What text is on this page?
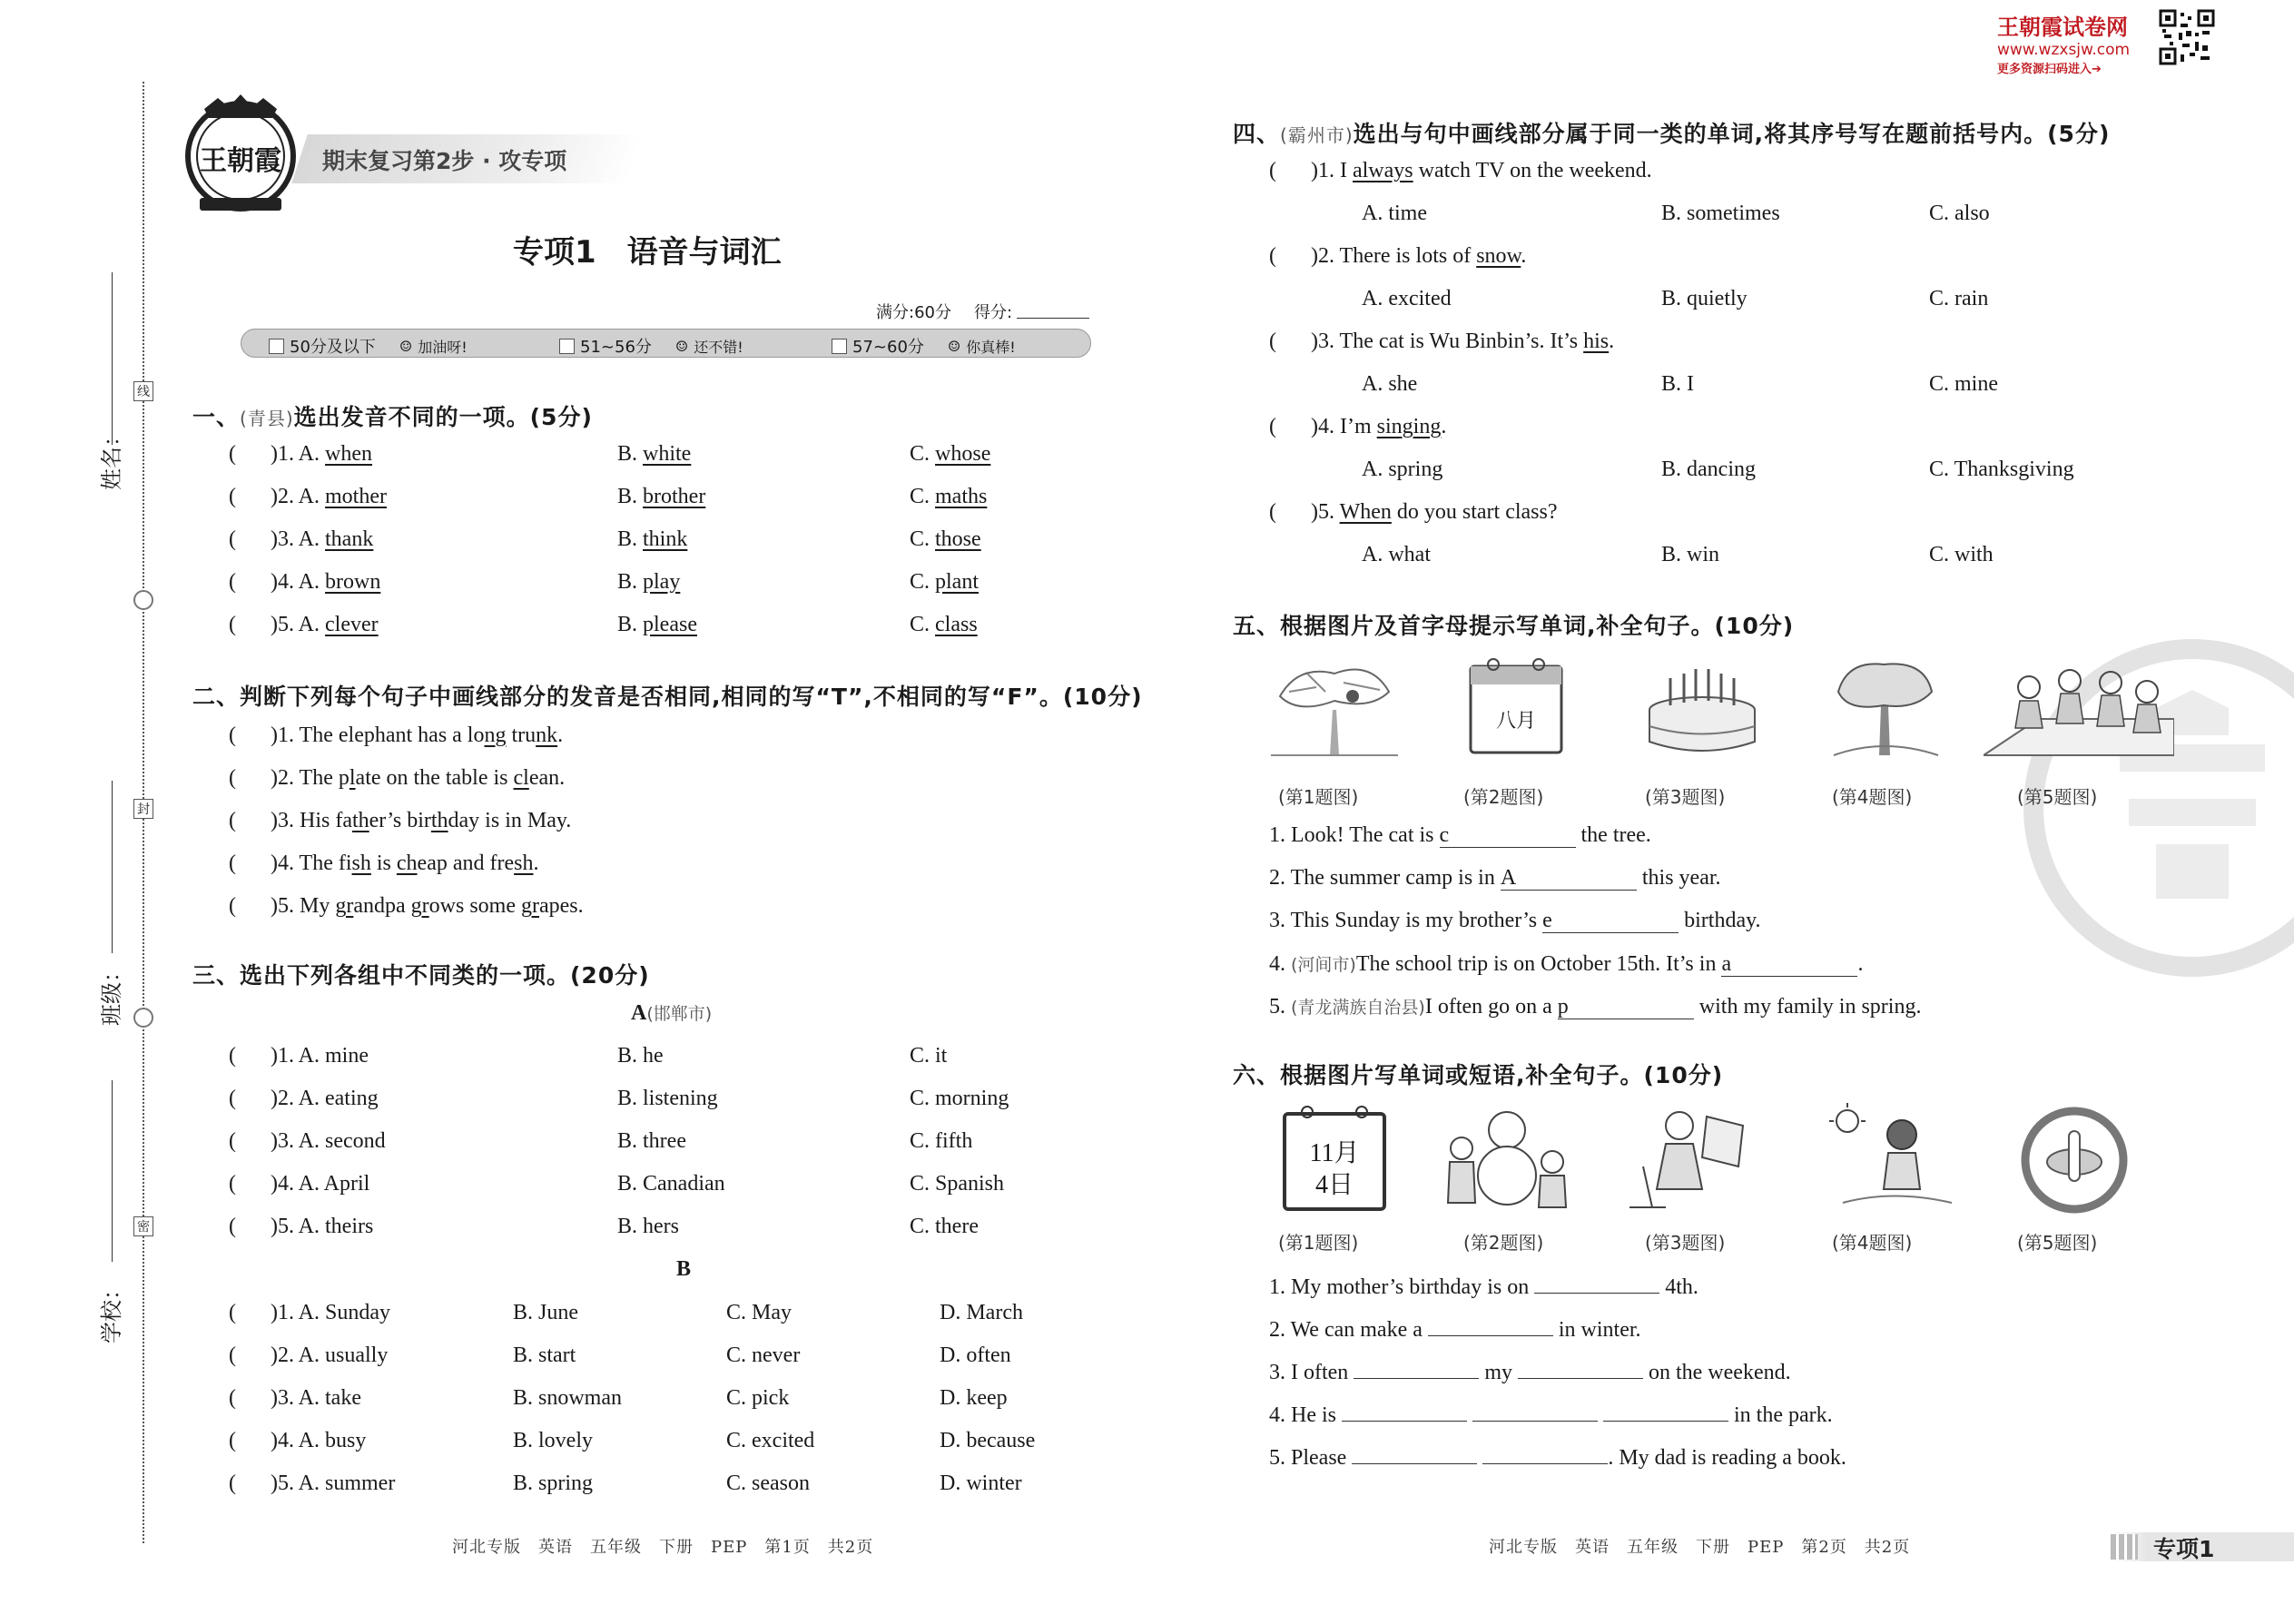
姓名：
班级：
学校：
线
封
密
王朝霞 期末复习第2步 · 攻专项
专项1　语音与词汇
满分:60分 得分:
50分及以下 ☺ 加油呀!	51~56分 ☺ 还不错!	57~60分 ☺ 你真棒!
一、(青县)选出发音不同的一项。(5分)
二、判断下列每个句子中画线部分的发音是否相同,相同的写“T”,不相同的写“F”。(10分)
( )1. The elephant has a long trunk.
( )2. The plate on the table is clean.
( )3. His father’s birthday is in May.
( )4. The fish is cheap and fresh.
( )5. My grandpa grows some grapes.
三、选出下列各组中不同类的一项。(20分)
A(邯郸市)
B
河北专版　英语　五年级　下册　PEP　第1页　共2页
王朝霞试卷网
www.wzxsjw.com
更多资源扫码进入➔
四、(霸州市)选出与句中画线部分属于同一类的单词,将其序号写在题前括号内。(5分)
五、根据图片及首字母提示写单词,补全句子。(10分)
八月
六、根据图片写单词或短语,补全句子。(10分)
11月
4日
河北专版　英语　五年级　下册　PEP　第2页　共2页	专项1
( )1. A. when	B. white	C. whose
( )2. A. mother	B. brother	C. maths
( )3. A. thank	B. think	C. those
( )4. A. brown	B. play	C. plant
( )5. A. clever	B. please	C. class
( )1. A. mine	B. he	C. it
( )2. A. eating	B. listening	C. morning
( )3. A. second	B. three	C. fifth
( )4. A. April	B. Canadian	C. Spanish
( )5. A. theirs	B. hers	C. there
( )1. A. Sunday	B. June	C. May	D. March
( )2. A. usually	B. start	C. never	D. often
( )3. A. take	B. snowman	C. pick	D. keep
( )4. A. busy	B. lovely	C. excited	D. because
( )5. A. summer	B. spring	C. season	D. winter
( )1. I always watch TV on the weekend.
A. time	B. sometimes	C. also
( )2. There is lots of snow.
A. excited	B. quietly	C. rain
( )3. The cat is Wu Binbin’s. It’s his.
A. she	B. I	C. mine
( )4. I’m singing.
A. spring	B. dancing	C. Thanksgiving
( )5. When do you start class?
A. what	B. win	C. with
(第1题图)
(第1题图)
(第2题图)
(第2题图)
(第3题图)
(第3题图)
(第4题图)
(第4题图)
(第5题图)
(第5题图)
1. Look! The cat is c	the tree.
2. The summer camp is in A	this year.
3. This Sunday is my brother’s e	birthday.
4. (河间市)The school trip is on October 15th. It’s in a	.
5. (青龙满族自治县)I often go on a p	with my family in spring.
1. My mother’s birthday is on	4th.
2. We can make a	in winter.
3. I often	my	on the weekend.
4. He is	in the park.
5. Please	. My dad is reading a book.
